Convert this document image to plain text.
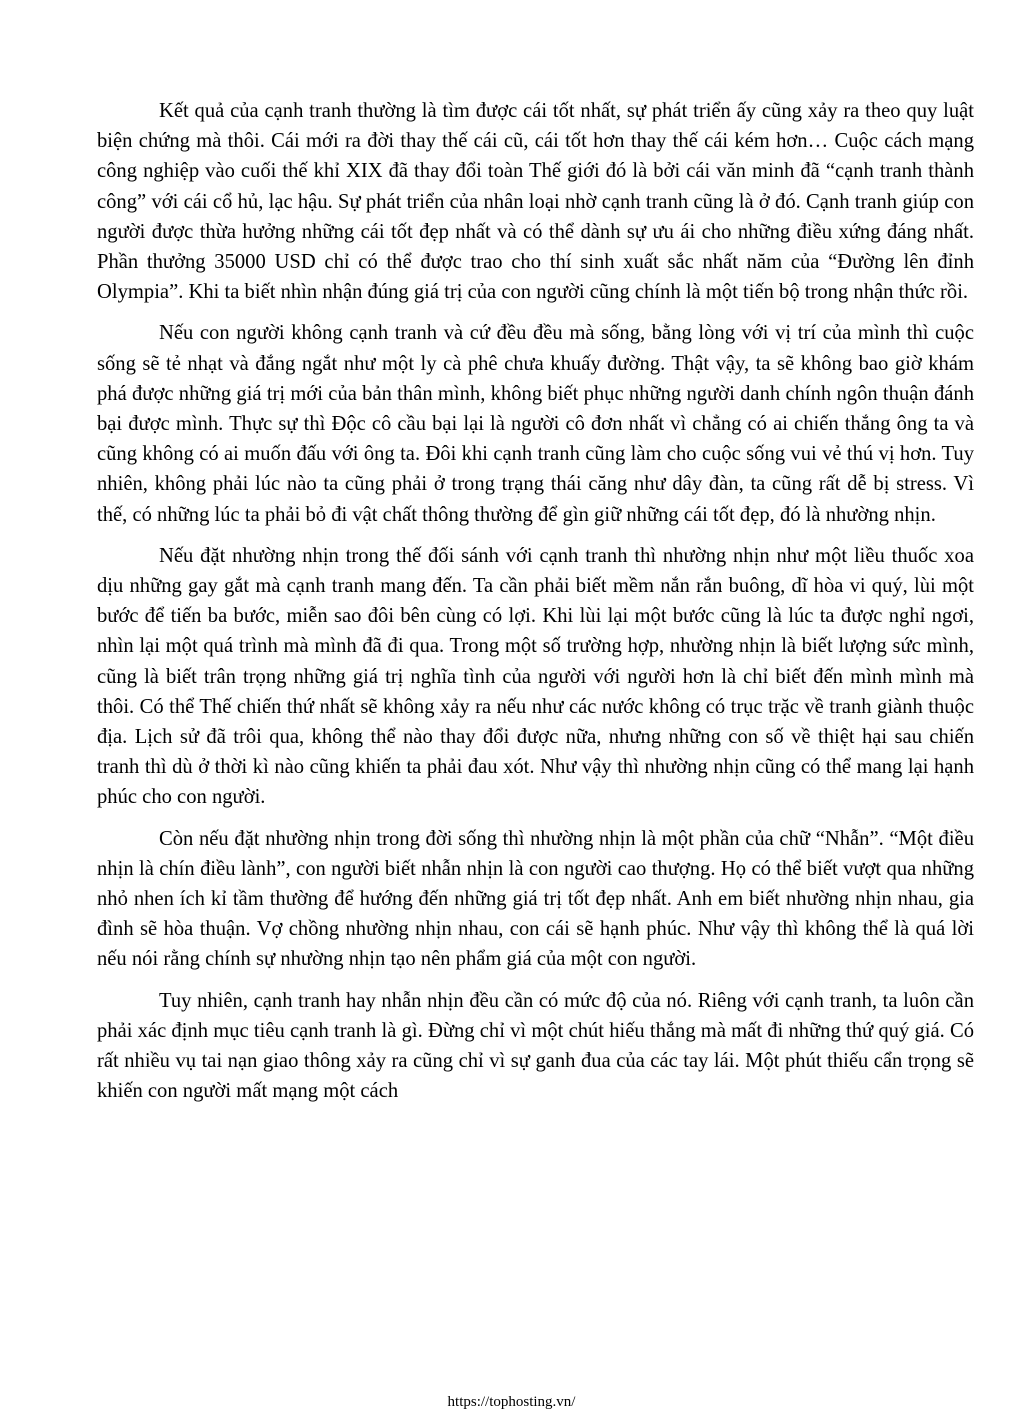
Kết quả của cạnh tranh thường là tìm được cái tốt nhất, sự phát triển ấy cũng xảy ra theo quy luật biện chứng mà thôi. Cái mới ra đời thay thế cái cũ, cái tốt hơn thay thế cái kém hơn… Cuộc cách mạng công nghiệp vào cuối thế khỉ XIX đã thay đổi toàn Thế giới đó là bởi cái văn minh đã “cạnh tranh thành công” với cái cổ hủ, lạc hậu. Sự phát triển của nhân loại nhờ cạnh tranh cũng là ở đó. Cạnh tranh giúp con người được thừa hưởng những cái tốt đẹp nhất và có thể dành sự ưu ái cho những điều xứng đáng nhất. Phần thưởng 35000 USD chỉ có thể được trao cho thí sinh xuất sắc nhất năm của “Đường lên đỉnh Olympia”. Khi ta biết nhìn nhận đúng giá trị của con người cũng chính là một tiến bộ trong nhận thức rồi.

Nếu con người không cạnh tranh và cứ đều đều mà sống, bằng lòng với vị trí của mình thì cuộc sống sẽ tẻ nhạt và đắng ngắt như một ly cà phê chưa khuấy đường. Thật vậy, ta sẽ không bao giờ khám phá được những giá trị mới của bản thân mình, không biết phục những người danh chính ngôn thuận đánh bại được mình. Thực sự thì Độc cô cầu bại lại là người cô đơn nhất vì chẳng có ai chiến thắng ông ta và cũng không có ai muốn đấu với ông ta. Đôi khi cạnh tranh cũng làm cho cuộc sống vui vẻ thú vị hơn. Tuy nhiên, không phải lúc nào ta cũng phải ở trong trạng thái căng như dây đàn, ta cũng rất dễ bị stress. Vì thế, có những lúc ta phải bỏ đi vật chất thông thường để gìn giữ những cái tốt đẹp, đó là nhường nhịn.

Nếu đặt nhường nhịn trong thế đối sánh với cạnh tranh thì nhường nhịn như một liều thuốc xoa dịu những gay gắt mà cạnh tranh mang đến. Ta cần phải biết mềm nắn rắn buông, dĩ hòa vi quý, lùi một bước để tiến ba bước, miễn sao đôi bên cùng có lợi. Khi lùi lại một bước cũng là lúc ta được nghỉ ngơi, nhìn lại một quá trình mà mình đã đi qua. Trong một số trường hợp, nhường nhịn là biết lượng sức mình, cũng là biết trân trọng những giá trị nghĩa tình của người với người hơn là chỉ biết đến mình mình mà thôi. Có thể Thế chiến thứ nhất sẽ không xảy ra nếu như các nước không có trục trặc về tranh giành thuộc địa. Lịch sử đã trôi qua, không thể nào thay đổi được nữa, nhưng những con số về thiệt hại sau chiến tranh thì dù ở thời kì nào cũng khiến ta phải đau xót. Như vậy thì nhường nhịn cũng có thể mang lại hạnh phúc cho con người.

Còn nếu đặt nhường nhịn trong đời sống thì nhường nhịn là một phần của chữ “Nhẫn”. “Một điều nhịn là chín điều lành”, con người biết nhẫn nhịn là con người cao thượng. Họ có thể biết vượt qua những nhỏ nhen ích kỉ tầm thường để hướng đến những giá trị tốt đẹp nhất. Anh em biết nhường nhịn nhau, gia đình sẽ hòa thuận. Vợ chồng nhường nhịn nhau, con cái sẽ hạnh phúc. Như vậy thì không thể là quá lời nếu nói rằng chính sự nhường nhịn tạo nên phẩm giá của một con người.

Tuy nhiên, cạnh tranh hay nhẫn nhịn đều cần có mức độ của nó. Riêng với cạnh tranh, ta luôn cần phải xác định mục tiêu cạnh tranh là gì. Đừng chỉ vì một chút hiếu thắng mà mất đi những thứ quý giá. Có rất nhiều vụ tai nạn giao thông xảy ra cũng chỉ vì sự ganh đua của các tay lái. Một phút thiếu cẩn trọng sẽ khiến con người mất mạng một cách

https://tophosting.vn/
